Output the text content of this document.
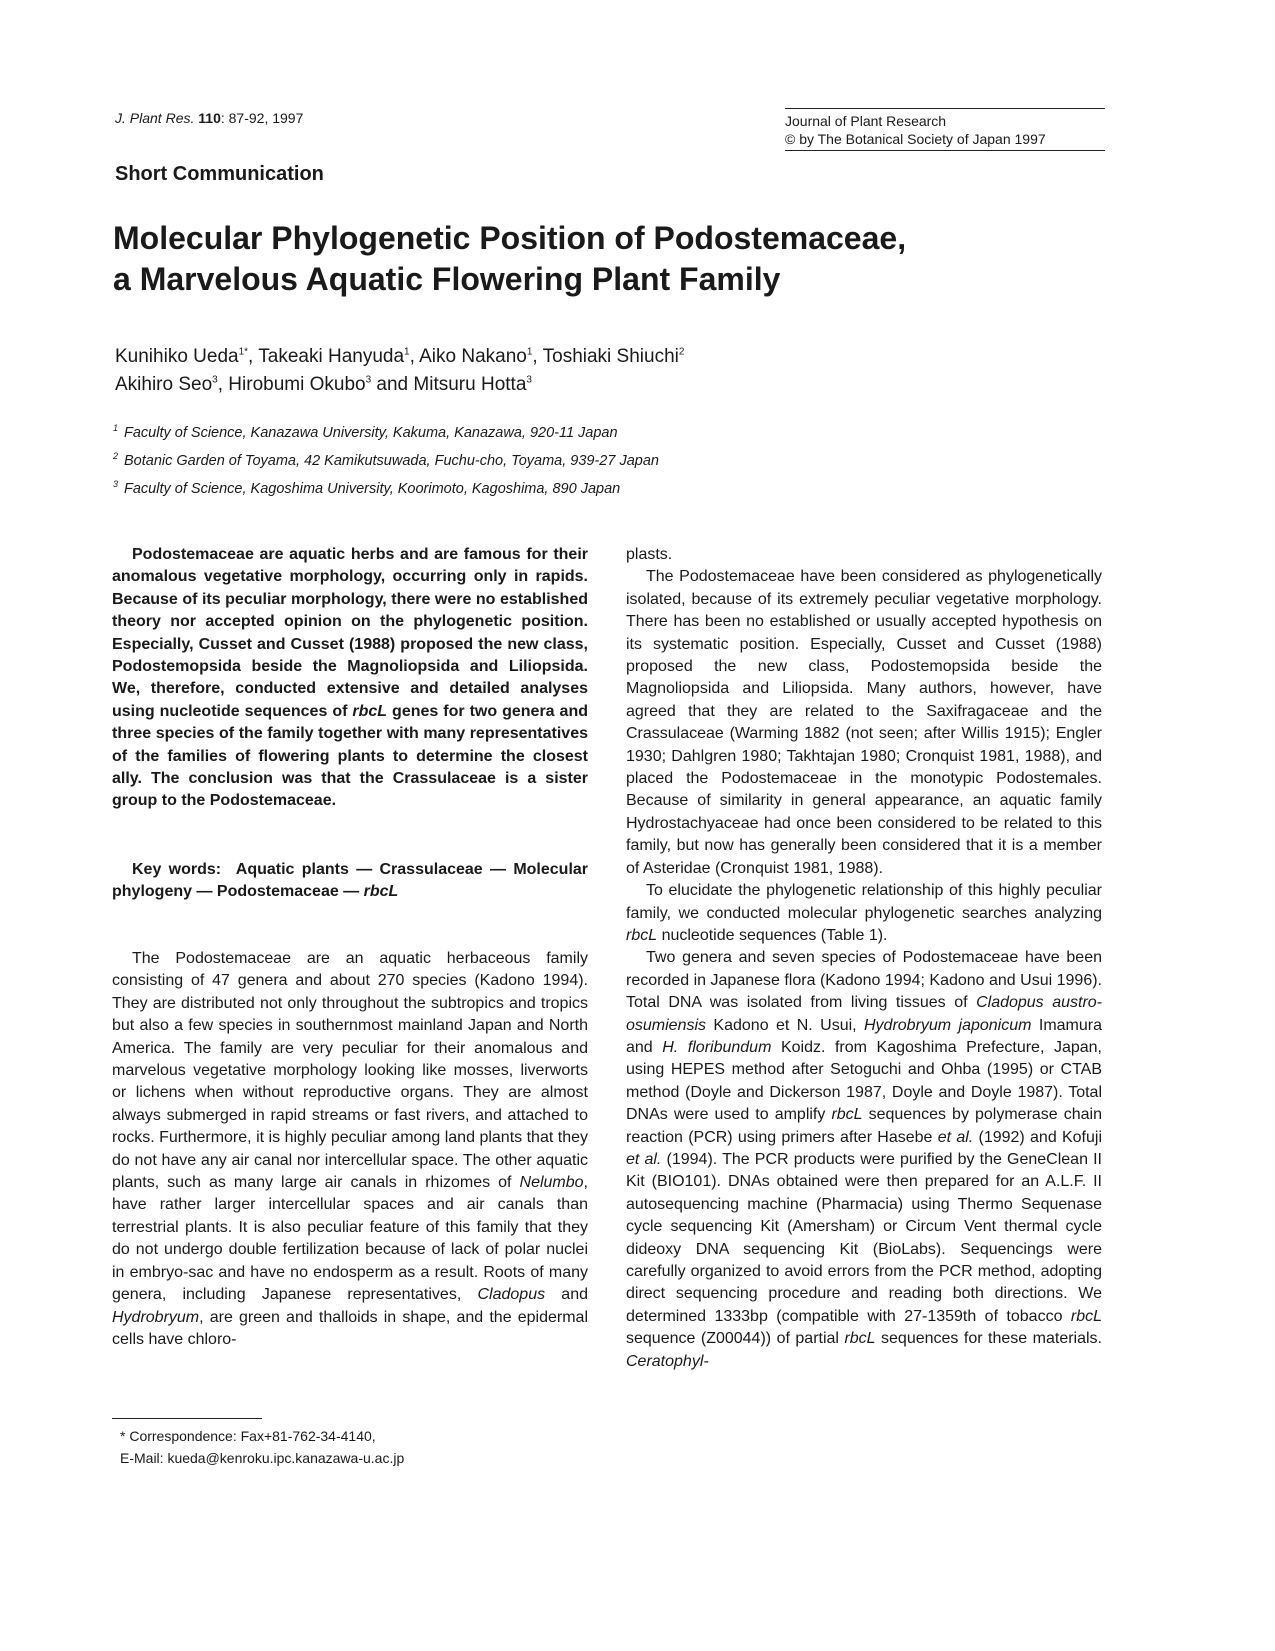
J. Plant Res. 110: 87-92, 1997	Journal of Plant Research
© by The Botanical Society of Japan 1997
Short Communication
Molecular Phylogenetic Position of Podostemaceae,
a Marvelous Aquatic Flowering Plant Family
Kunihiko Ueda$^{1*}$, Takeaki Hanyuda$^1$, Aiko Nakano$^1$, Toshiaki Shiuchi$^2$
Akihiro Seo$^3$, Hirobumi Okubo$^3$ and Mitsuru Hotta$^3$
$^1$ Faculty of Science, Kanazawa University, Kakuma, Kanazawa, 920-11 Japan
$^2$ Botanic Garden of Toyama, 42 Kamikutsuwada, Fuchu-cho, Toyama, 939-27 Japan
$^3$ Faculty of Science, Kagoshima University, Koorimoto, Kagoshima, 890 Japan

Podostemaceae are aquatic herbs and are famous for their anomalous vegetative morphology, occurring only in rapids. Because of its peculiar morphology, there were no established theory nor accepted opinion on the phylogenetic position. Especially, Cusset and Cusset (1988) proposed the new class, Podostemopsida beside the Magnoliopsida and Liliopsida. We, therefore, conducted extensive and detailed analyses using nucleotide sequences of rbcL genes for two genera and three species of the family together with many representatives of the families of flowering plants to determine the closest ally. The conclusion was that the Crassulaceae is a sister group to the Podostemaceae.

Key words: Aquatic plants — Crassulaceae — Molecular phylogeny — Podostemaceae — rbcL

The Podostemaceae are an aquatic herbaceous family consisting of 47 genera and about 270 species (Kadono 1994). They are distributed not only throughout the subtropics and tropics but also a few species in southernmost mainland Japan and North America. The family are very peculiar for their anomalous and marvelous vegetative morphology looking like mosses, liverworts or lichens when without reproductive organs. They are almost always submerged in rapid streams or fast rivers, and attached to rocks. Furthermore, it is highly peculiar among land plants that they do not have any air canal nor intercellular space. The other aquatic plants, such as many large air canals in rhizomes of Nelumbo, have rather larger intercellular spaces and air canals than terrestrial plants. It is also peculiar feature of this family that they do not undergo double fertilization because of lack of polar nuclei in embryo-sac and have no endosperm as a result. Roots of many genera, including Japanese representatives, Cladopus and Hydrobryum, are green and thalloids in shape, and the epidermal cells have chloro-

* Correspondence: Fax+81-762-34-4140,
E-Mail: kueda@kenroku.ipc.kanazawa-u.ac.jp

plasts.

The Podostemaceae have been considered as phylogenetically isolated, because of its extremely peculiar vegetative morphology. There has been no established or usually accepted hypothesis on its systematic position. Especially, Cusset and Cusset (1988) proposed the new class, Podostemopsida beside the Magnoliopsida and Liliopsida. Many authors, however, have agreed that they are related to the Saxifragaceae and the Crassulaceae (Warming 1882 (not seen; after Willis 1915); Engler 1930; Dahlgren 1980; Takhtajan 1980; Cronquist 1981, 1988), and placed the Podostemaceae in the monotypic Podostemales. Because of similarity in general appearance, an aquatic family Hydrostachyaceae had once been considered to be related to this family, but now has generally been considered that it is a member of Asteridae (Cronquist 1981, 1988).

To elucidate the phylogenetic relationship of this highly peculiar family, we conducted molecular phylogenetic searches analyzing rbcL nucleotide sequences (Table 1).

Two genera and seven species of Podostemaceae have been recorded in Japanese flora (Kadono 1994; Kadono and Usui 1996). Total DNA was isolated from living tissues of Cladopus austro-osumiensis Kadono et N. Usui, Hydrobryum japonicum Imamura and H. floribundum Koidz. from Kagoshima Prefecture, Japan, using HEPES method after Setoguchi and Ohba (1995) or CTAB method (Doyle and Dickerson 1987, Doyle and Doyle 1987). Total DNAs were used to amplify rbcL sequences by polymerase chain reaction (PCR) using primers after Hasebe et al. (1992) and Kofuji et al. (1994). The PCR products were purified by the GeneClean II Kit (BIO101). DNAs obtained were then prepared for an A.L.F. II autosequencing machine (Pharmacia) using Thermo Sequenase cycle sequencing Kit (Amersham) or Circum Vent thermal cycle dideoxy DNA sequencing Kit (BioLabs). Sequencings were carefully organized to avoid errors from the PCR method, adopting direct sequencing procedure and reading both directions. We determined 1333bp (compatible with 27-1359th of tobacco rbcL sequence (Z00044)) of partial rbcL sequences for these materials. Ceratophyl-
